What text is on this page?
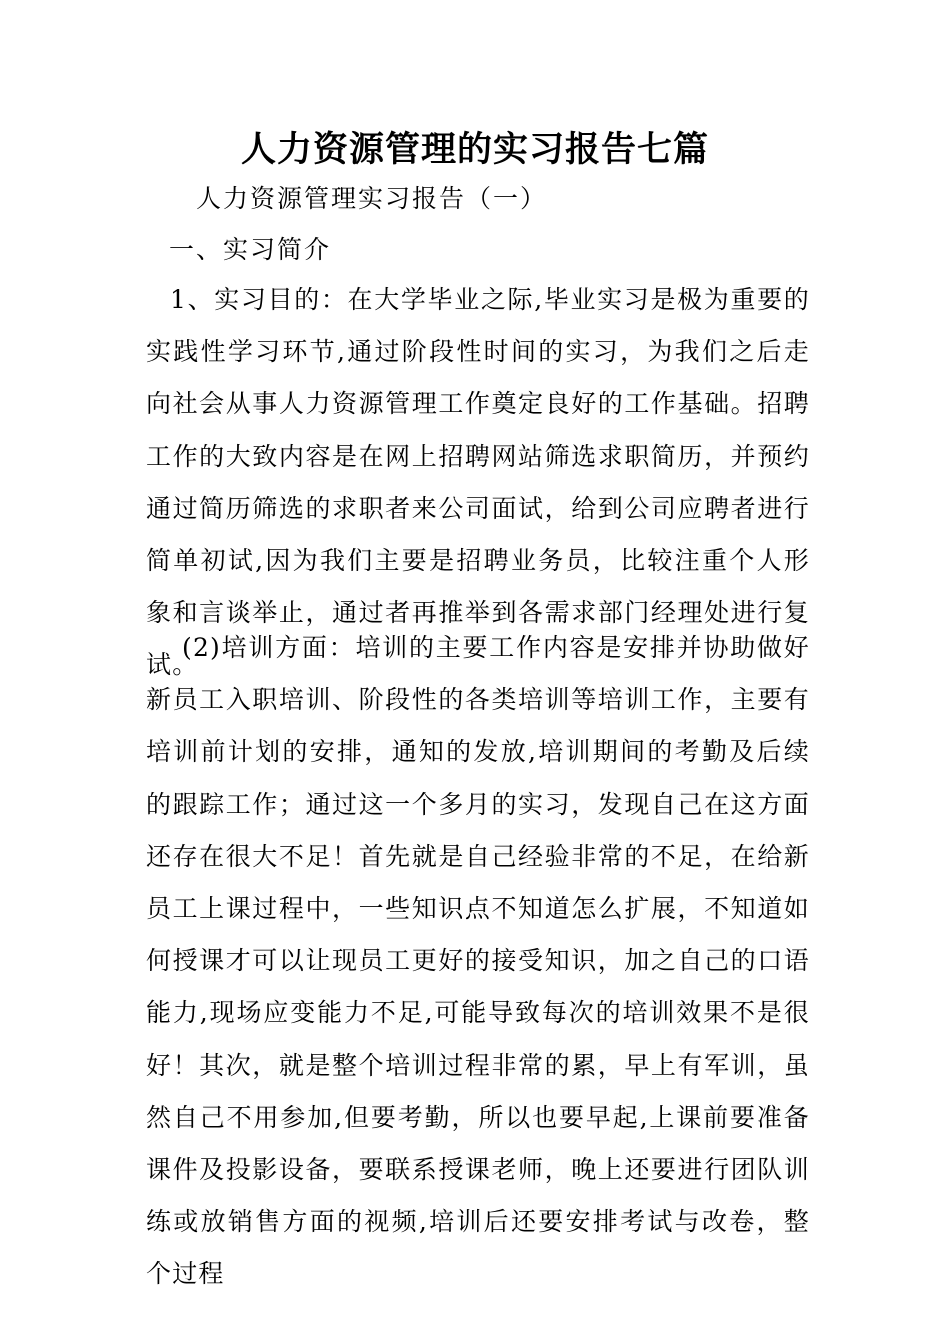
人力资源管理的实习报告七篇
人力资源管理实习报告（一）
一、实习简介
1、实习目的：在大学毕业之际,毕业实习是极为重要的实践性学习环节,通过阶段性时间的实习，为我们之后走向社会从事人力资源管理工作奠定良好的工作基础。招聘工作的大致内容是在网上招聘网站筛选求职简历，并预约通过简历筛选的求职者来公司面试，给到公司应聘者进行简单初试,因为我们主要是招聘业务员，比较注重个人形象和言谈举止，通过者再推举到各需求部门经理处进行复试。
(2)培训方面：培训的主要工作内容是安排并协助做好新员工入职培训、阶段性的各类培训等培训工作，主要有培训前计划的安排，通知的发放,培训期间的考勤及后续的跟踪工作；通过这一个多月的实习，发现自己在这方面还存在很大不足！首先就是自己经验非常的不足，在给新员工上课过程中，一些知识点不知道怎么扩展，不知道如何授课才可以让现员工更好的接受知识，加之自己的口语能力,现场应变能力不足,可能导致每次的培训效果不是很好！其次，就是整个培训过程非常的累，早上有军训，虽然自己不用参加,但要考勤，所以也要早起,上课前要准备课件及投影设备，要联系授课老师，晚上还要进行团队训练或放销售方面的视频,培训后还要安排考试与改卷，整个过程
